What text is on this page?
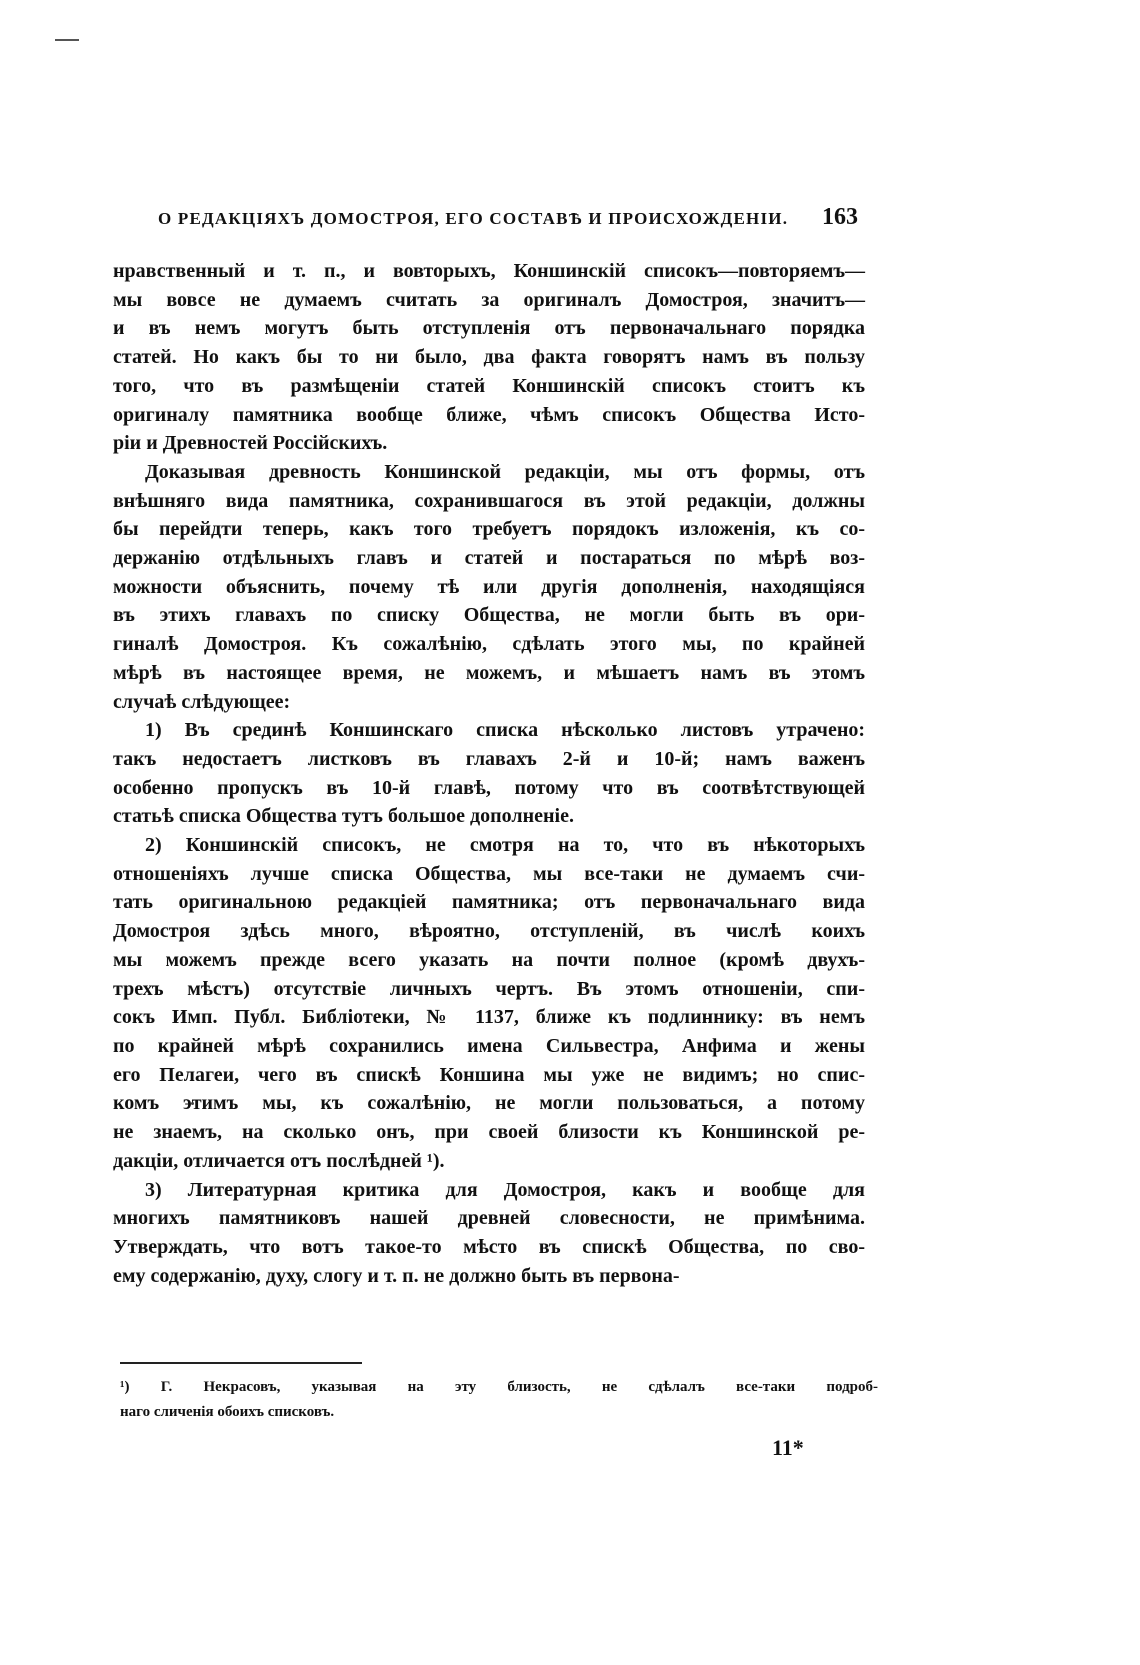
О РЕДАКЦІЯХЪ ДОМОСТРОЯ, ЕГО СОСТАВѢ И ПРОИСХОЖДЕНІИ. 163

нравственный и т. п., и вовторыхъ, Коншинскій списокъ—повторяемъ—

мы вовсе не думаемъ считать за оригиналъ Домостроя, значитъ—

и въ немъ могутъ быть отступленія отъ первоначальнаго порядка

статей. Но какъ бы то ни было, два факта говорятъ намъ въ пользу

того, что въ размѣщеніи статей Коншинскій списокъ стоитъ къ

оригиналу памятника вообще ближе, чѣмъ списокъ Общества Исто-

ріи и Древностей Россійскихъ.

Доказывая древность Коншинской редакціи, мы отъ формы, отъ

внѣшняго вида памятника, сохранившагося въ этой редакціи, должны

бы перейдти теперь, какъ того требуетъ порядокъ изложенія, къ со-

держанію отдѣльныхъ главъ и статей и постараться по мѣрѣ воз-

можности объяснить, почему тѣ или другія дополненія, находящіяся

въ этихъ главахъ по списку Общества, не могли быть въ ори-

гиналѣ Домостроя. Къ сожалѣнію, сдѣлать этого мы, по крайней

мѣрѣ въ настоящее время, не можемъ, и мѣшаетъ намъ въ этомъ

случаѣ слѣдующее:

1) Въ срединѣ Коншинскаго списка нѣсколько листовъ утрачено:

такъ недостаетъ листковъ въ главахъ 2-й и 10-й; намъ важенъ

особенно пропускъ въ 10-й главѣ, потому что въ соотвѣтствующей

статьѣ списка Общества тутъ большое дополненіе.

2) Коншинскій списокъ, не смотря на то, что въ нѣкоторыхъ

отношеніяхъ лучше списка Общества, мы все-таки не думаемъ счи-

тать оригинальною редакціей памятника; отъ первоначальнаго вида

Домостроя здѣсь много, вѣроятно, отступленій, въ числѣ коихъ

мы можемъ прежде всего указать на почти полное (кромѣ двухъ-

трехъ мѣстъ) отсутствіе личныхъ чертъ. Въ этомъ отношеніи, спи-

сокъ Имп. Публ. Библіотеки, № 1137, ближе къ подлиннику: въ немъ

по крайней мѣрѣ сохранились имена Сильвестра, Анфима и жены

его Пелагеи, чего въ спискѣ Коншина мы уже не видимъ; но спис-

комъ этимъ мы, къ сожалѣнію, не могли пользоваться, а потому

не знаемъ, на сколько онъ, при своей близости къ Коншинской ре-

дакціи, отличается отъ послѣдней ¹).

3) Литературная критика для Домостроя, какъ и вообще для

многихъ памятниковъ нашей древней словесности, не примѣнима.

Утверждать, что вотъ такое-то мѣсто въ спискѣ Общества, по сво-

ему содержанію, духу, слогу и т. п. не должно быть въ первона-

¹) Г. Некрасовъ, указывая на эту близость, не сдѣлалъ все-таки подроб-

наго сличенія обоихъ списковъ.

11*
